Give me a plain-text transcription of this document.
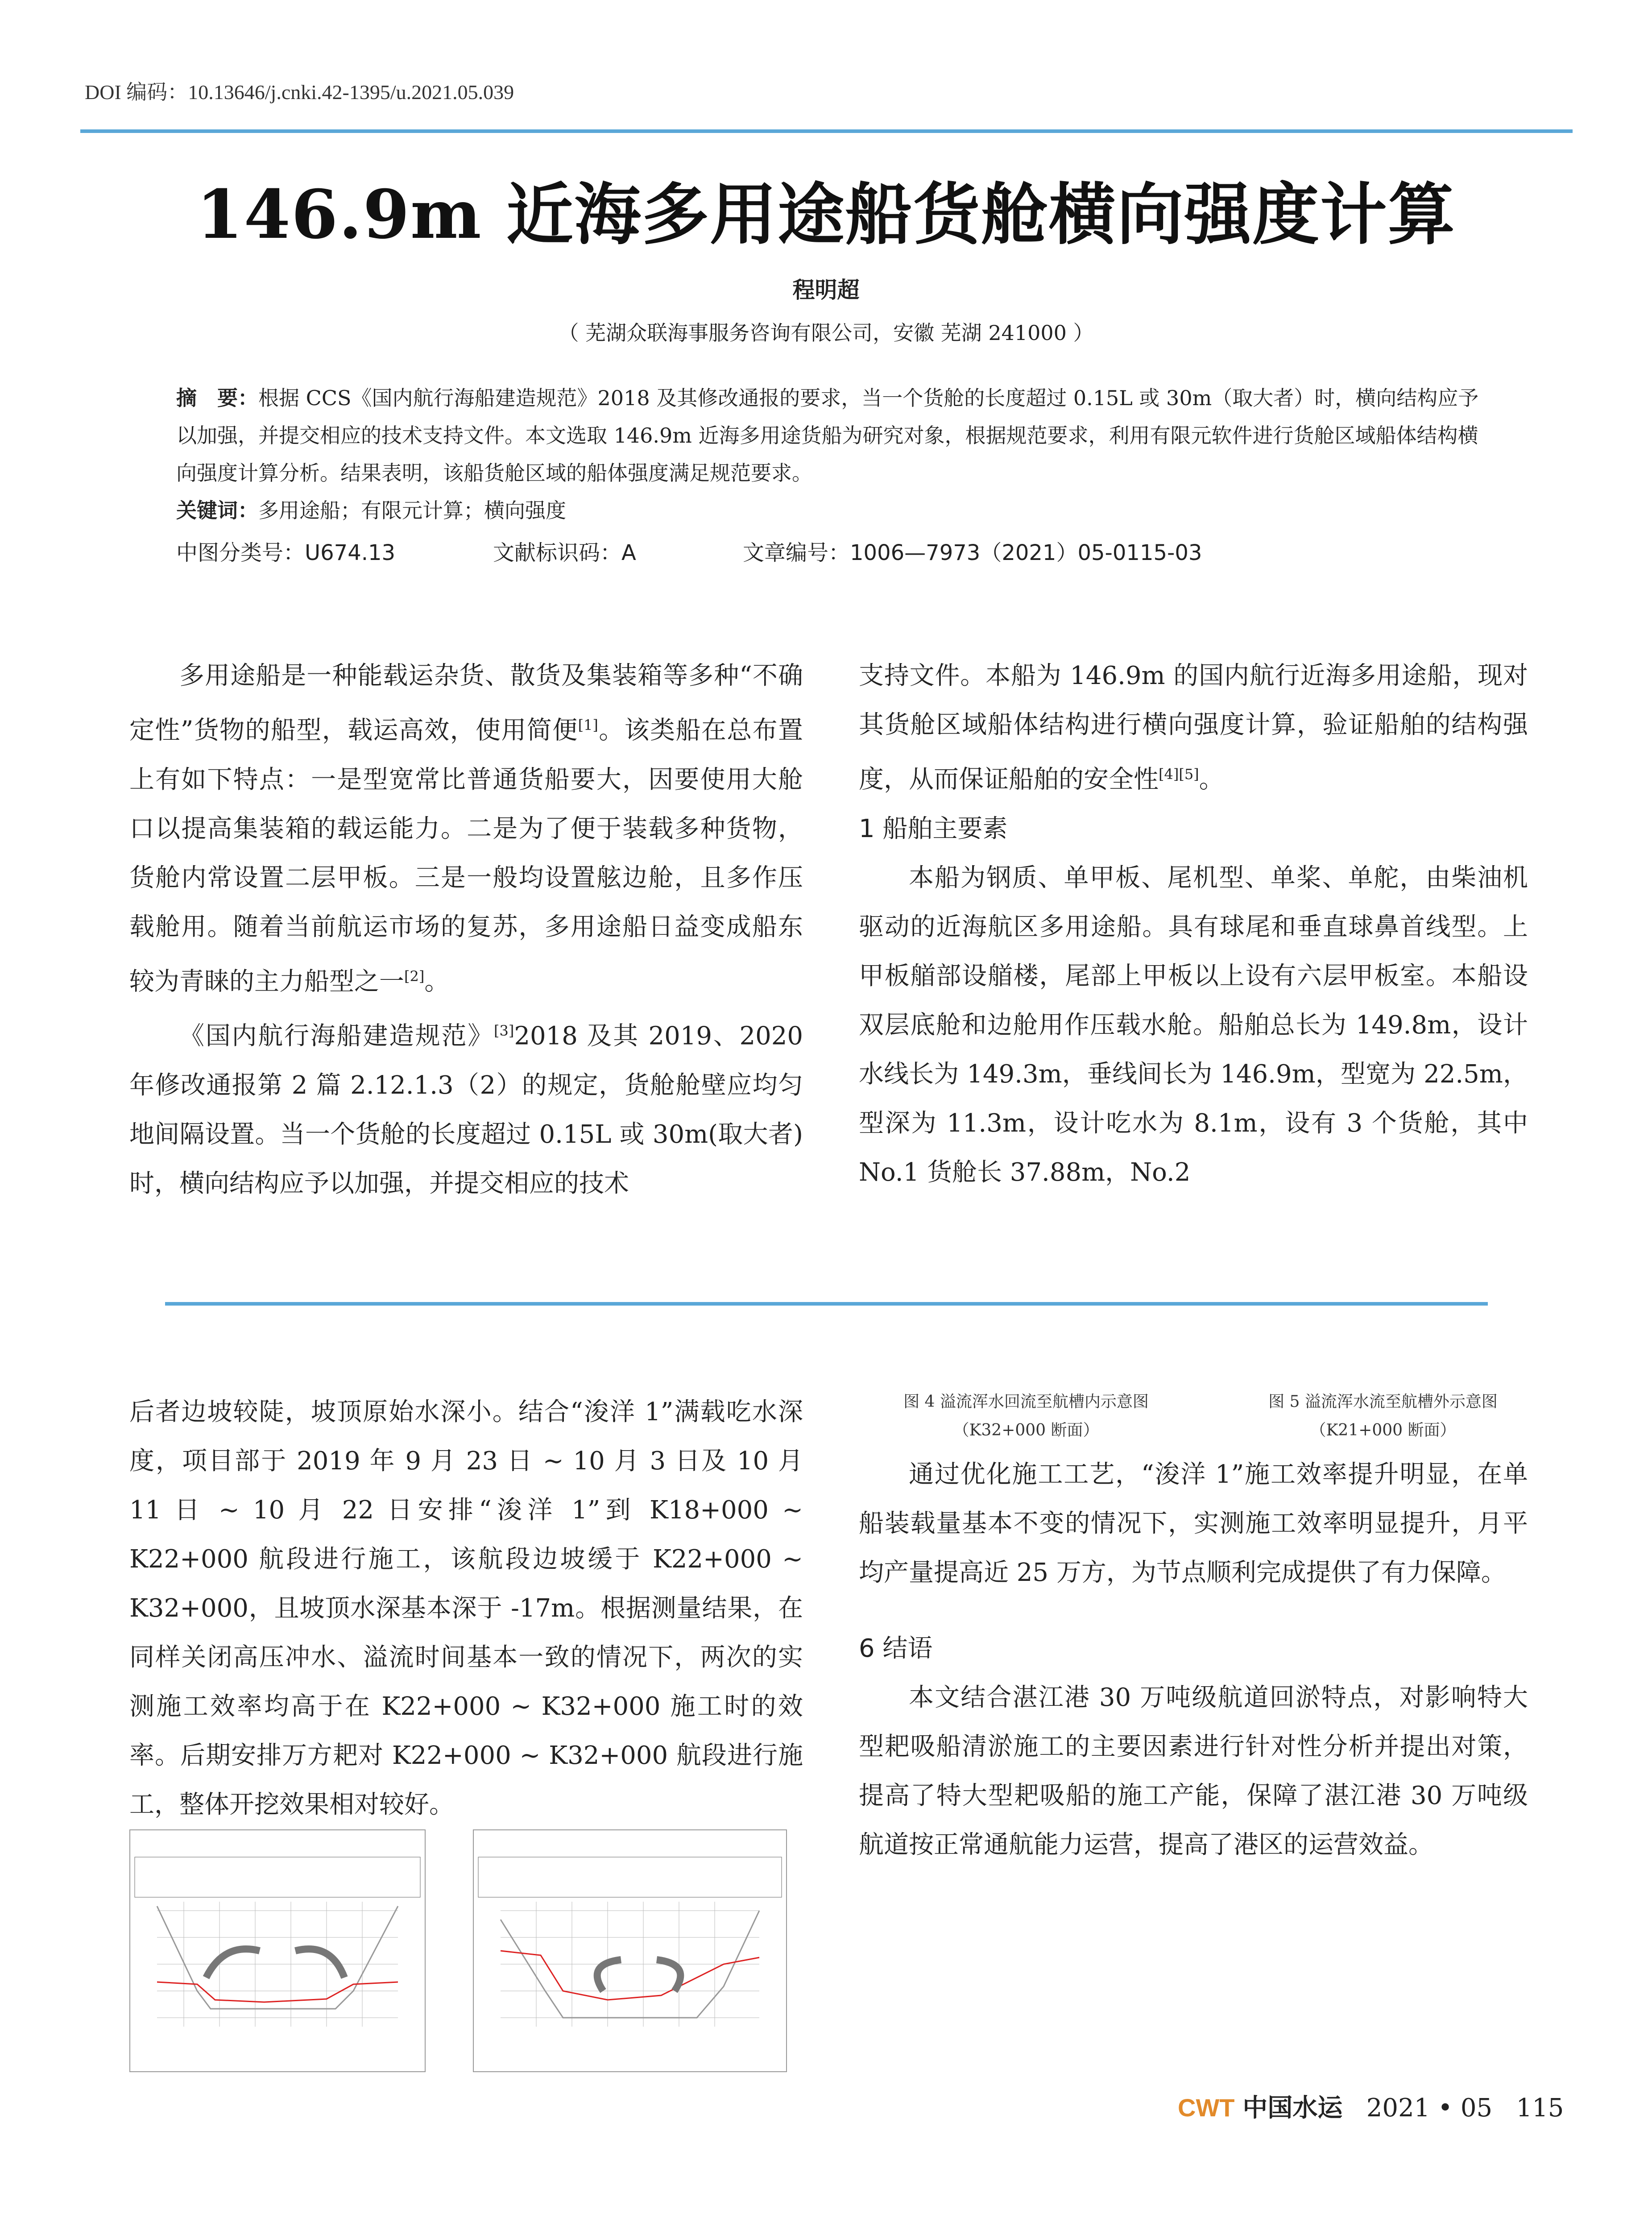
DOI 编码：10.13646/j.cnki.42-1395/u.2021.05.039
146.9m 近海多用途船货舱横向强度计算
程明超
（ 芜湖众联海事服务咨询有限公司，安徽 芜湖 241000 ）
摘　要：根据 CCS《国内航行海船建造规范》2018 及其修改通报的要求，当一个货舱的长度超过 0.15L 或 30m（取大者）时，横向结构应予以加强，并提交相应的技术支持文件。本文选取 146.9m 近海多用途货船为研究对象，根据规范要求，利用有限元软件进行货舱区域船体结构横向强度计算分析。结果表明，该船货舱区域的船体强度满足规范要求。
关键词：多用途船；有限元计算；横向强度
中图分类号：U674.13	文献标识码：A	文章编号：1006—7973（2021）05-0115-03

多用途船是一种能载运杂货、散货及集装箱等多种“不确定性”货物的船型，载运高效，使用简便[1]。该类船在总布置上有如下特点：一是型宽常比普通货船要大，因要使用大舱口以提高集装箱的载运能力。二是为了便于装载多种货物，货舱内常设置二层甲板。三是一般均设置舷边舱，且多作压载舱用。随着当前航运市场的复苏，多用途船日益变成船东较为青睐的主力船型之一[2]。

《国内航行海船建造规范》[3]2018 及其 2019、2020 年修改通报第 2 篇 2.12.1.3（2）的规定，货舱舱壁应均匀地间隔设置。当一个货舱的长度超过 0.15L 或 30m(取大者)时，横向结构应予以加强，并提交相应的技术

支持文件。本船为 146.9m 的国内航行近海多用途船，现对其货舱区域船体结构进行横向强度计算，验证船舶的结构强度，从而保证船舶的安全性[4][5]。

1 船舶主要素

本船为钢质、单甲板、尾机型、单桨、单舵，由柴油机驱动的近海航区多用途船。具有球尾和垂直球鼻首线型。上甲板艏部设艏楼，尾部上甲板以上设有六层甲板室。本船设双层底舱和边舱用作压载水舱。船舶总长为 149.8m，设计水线长为 149.3m，垂线间长为 146.9m，型宽为 22.5m，型深为 11.3m，设计吃水为 8.1m，设有 3 个货舱，其中 No.1 货舱长 37.88m，No.2

后者边坡较陡，坡顶原始水深小。结合“浚洋 1”满载吃水深度，项目部于 2019 年 9 月 23 日 ~ 10 月 3 日及 10 月 11 日 ~ 10 月 22 日安排“浚洋 1”到 K18+000 ~ K22+000 航段进行施工，该航段边坡缓于 K22+000 ~ K32+000，且坡顶水深基本深于 -17m。根据测量结果，在同样关闭高压冲水、溢流时间基本一致的情况下，两次的实测施工效率均高于在 K22+000 ~ K32+000 施工时的效率。后期安排万方耙对 K22+000 ~ K32+000 航段进行施工，整体开挖效果相对较好。

图 4 溢流浑水回流至航槽内示意图
（K32+000 断面）
图 5 溢流浑水流至航槽外示意图
（K21+000 断面）

通过优化施工工艺，“浚洋 1”施工效率提升明显，在单船装载量基本不变的情况下，实测施工效率明显提升，月平均产量提高近 25 万方，为节点顺利完成提供了有力保障。

6 结语

本文结合湛江港 30 万吨级航道回淤特点，对影响特大型耙吸船清淤施工的主要因素进行针对性分析并提出对策，提高了特大型耙吸船的施工产能，保障了湛江港 30 万吨级航道按正常通航能力运营，提高了港区的运营效益。

CWT 中国水运 2021 • 05 115
